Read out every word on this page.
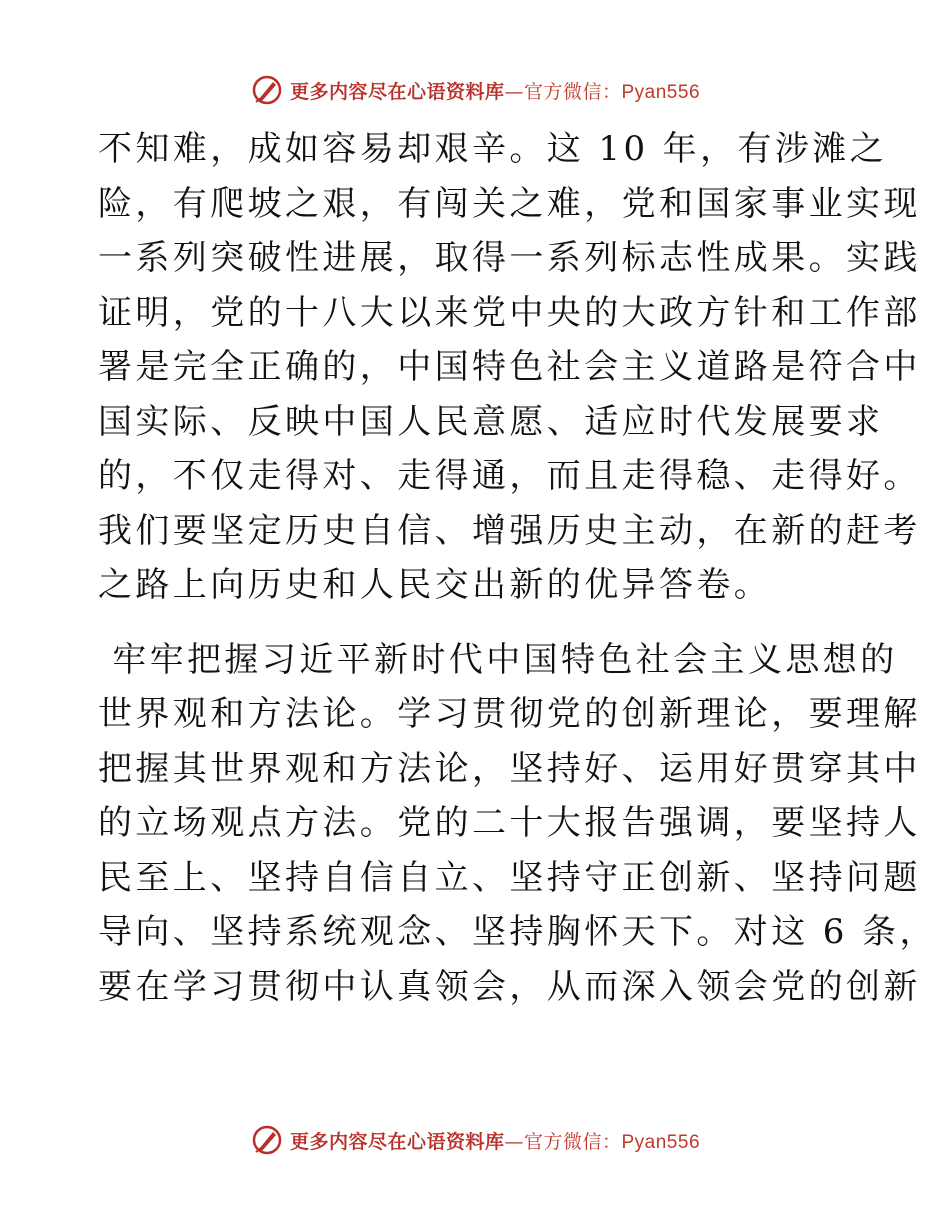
更多内容尽在心语资料库—官方微信：Pyan556
不知难，成如容易却艰辛。这 10 年，有涉滩之
险，有爬坡之艰，有闯关之难，党和国家事业实现
一系列突破性进展，取得一系列标志性成果。实践
证明，党的十八大以来党中央的大政方针和工作部
署是完全正确的，中国特色社会主义道路是符合中
国实际、反映中国人民意愿、适应时代发展要求
的，不仅走得对、走得通，而且走得稳、走得好。
我们要坚定历史自信、增强历史主动，在新的赶考
之路上向历史和人民交出新的优异答卷。
牢牢把握习近平新时代中国特色社会主义思想的
世界观和方法论。学习贯彻党的创新理论，要理解
把握其世界观和方法论，坚持好、运用好贯穿其中
的立场观点方法。党的二十大报告强调，要坚持人
民至上、坚持自信自立、坚持守正创新、坚持问题
导向、坚持系统观念、坚持胸怀天下。对这 6 条，
要在学习贯彻中认真领会，从而深入领会党的创新
更多内容尽在心语资料库—官方微信：Pyan556
